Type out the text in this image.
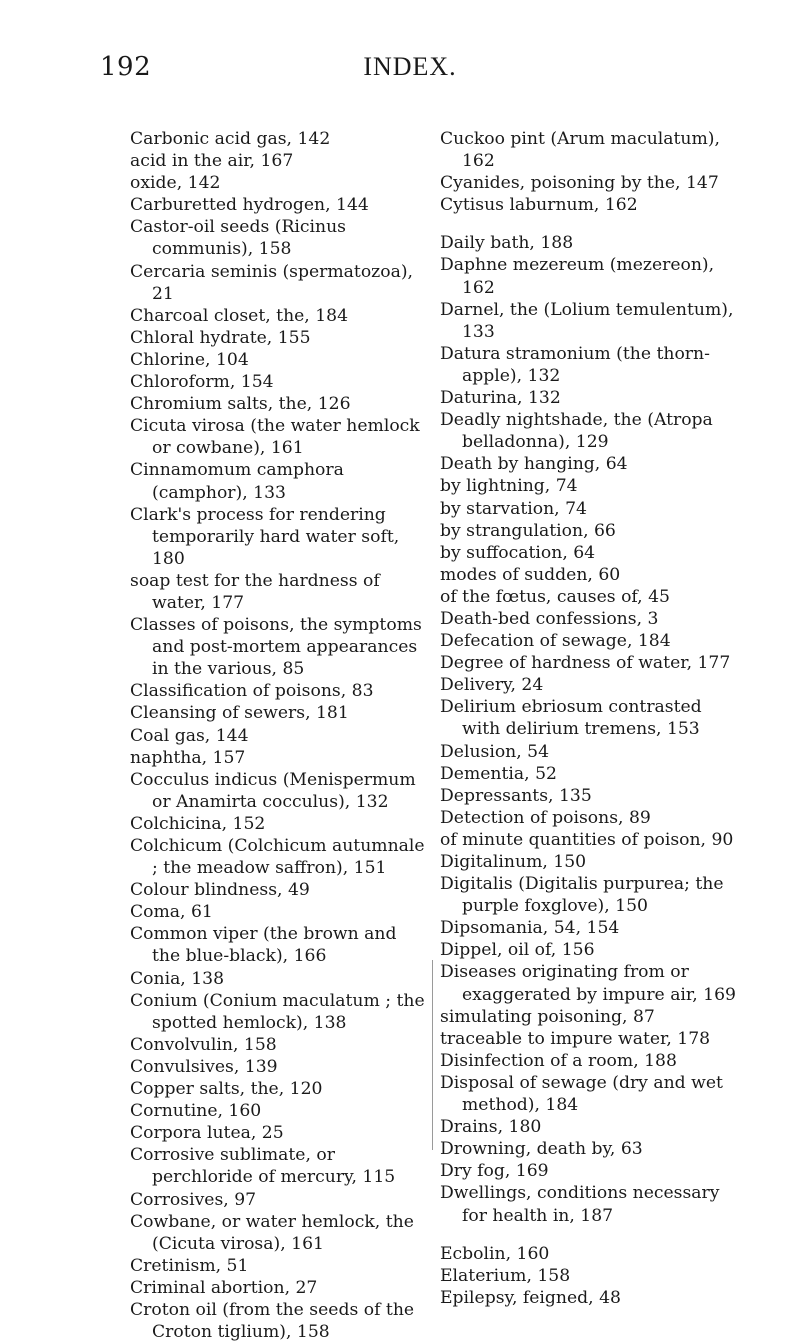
192	INDEX.
Carbonic acid gas, 142
acid in the air, 167
oxide, 142
Carburetted hydrogen, 144
Castor-oil seeds (Ricinus communis), 158
Cercaria seminis (spermatozoa), 21
Charcoal closet, the, 184
Chloral hydrate, 155
Chlorine, 104
Chloroform, 154
Chromium salts, the, 126
Cicuta virosa (the water hemlock or cowbane), 161
Cinnamomum camphora (camphor), 133
Clark's process for rendering temporarily hard water soft, 180
soap test for the hardness of water, 177
Classes of poisons, the symptoms and post-mortem appearances in the various, 85
Classification of poisons, 83
Cleansing of sewers, 181
Coal gas, 144
naphtha, 157
Cocculus indicus (Menispermum or Anamirta cocculus), 132
Colchicina, 152
Colchicum (Colchicum autumnale ; the meadow saffron), 151
Colour blindness, 49
Coma, 61
Common viper (the brown and the blue-black), 166
Conia, 138
Conium (Conium maculatum ; the spotted hemlock), 138
Convolvulin, 158
Convulsives, 139
Copper salts, the, 120
Cornutine, 160
Corpora lutea, 25
Corrosive sublimate, or perchloride of mercury, 115
Corrosives, 97
Cowbane, or water hemlock, the (Cicuta virosa), 161
Cretinism, 51
Criminal abortion, 27
Croton oil (from the seeds of the Croton tiglium), 158
Cuckoo pint (Arum maculatum), 162
Cyanides, poisoning by the, 147
Cytisus laburnum, 162
Daily bath, 188
Daphne mezereum (mezereon), 162
Darnel, the (Lolium temulentum), 133
Datura stramonium (the thorn-apple), 132
Daturina, 132
Deadly nightshade, the (Atropa belladonna), 129
Death by hanging, 64
by lightning, 74
by starvation, 74
by strangulation, 66
by suffocation, 64
modes of sudden, 60
of the fœtus, causes of, 45
Death-bed confessions, 3
Defecation of sewage, 184
Degree of hardness of water, 177
Delivery, 24
Delirium ebriosum contrasted with delirium tremens, 153
Delusion, 54
Dementia, 52
Depressants, 135
Detection of poisons, 89
of minute quantities of poison, 90
Digitalinum, 150
Digitalis (Digitalis purpurea; the purple foxglove), 150
Dipsomania, 54, 154
Dippel, oil of, 156
Diseases originating from or exaggerated by impure air, 169
simulating poisoning, 87
traceable to impure water, 178
Disinfection of a room, 188
Disposal of sewage (dry and wet method), 184
Drains, 180
Drowning, death by, 63
Dry fog, 169
Dwellings, conditions necessary for health in, 187
Ecbolin, 160
Elaterium, 158
Epilepsy, feigned, 48
